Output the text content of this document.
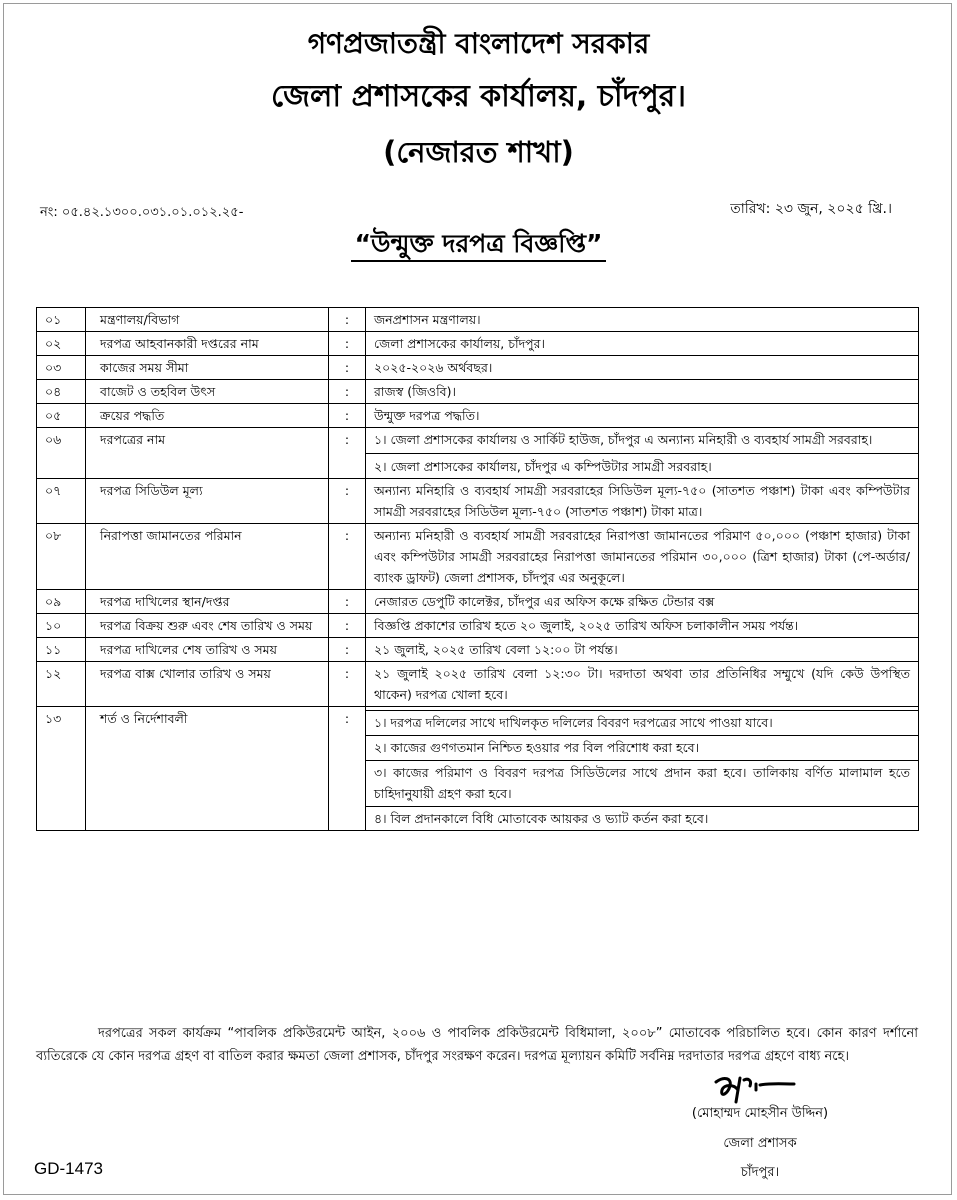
গণপ্রজাতন্ত্রী বাংলাদেশ সরকার
জেলা প্রশাসকের কার্যালয়, চাঁদপুর।
(নেজারত শাখা)
নং: ০৫.৪২.১৩০০.০৩১.০১.০১২.২৫-	তারিখ: ২৩ জুন, ২০২৫ খ্রি.।
“উন্মুক্ত দরপত্র বিজ্ঞপ্তি”
০১	মন্ত্রণালয়/বিভাগ	:	জনপ্রশাসন মন্ত্রণালয়।
০২	দরপত্র আহবানকারী দপ্তরের নাম	:	জেলা প্রশাসকের কার্যালয়, চাঁদপুর।
০৩	কাজের সময় সীমা	:	২০২৫-২০২৬ অর্থবছর।
০৪	বাজেট ও তহবিল উৎস	:	রাজস্ব (জিওবি)।
০৫	ক্রয়ের পদ্ধতি	:	উন্মুক্ত দরপত্র পদ্ধতি।
০৬	দরপত্রের নাম	:	১। জেলা প্রশাসকের কার্যালয় ও সার্কিট হাউজ, চাঁদপুর এ অন্যান্য মনিহারী ও ব্যবহার্য সামগ্রী সরবরাহ।
২। জেলা প্রশাসকের কার্যালয়, চাঁদপুর এ কম্পিউটার সামগ্রী সরবরাহ।

০৭	দরপত্র সিডিউল মূল্য	:	অন্যান্য মনিহারি ও ব্যবহার্য সামগ্রী সরবরাহের সিডিউল মূল্য-৭৫০ (সাতশত পঞ্চাশ) টাকা এবং কম্পিউটার সামগ্রী সরবরাহের সিডিউল মূল্য-৭৫০ (সাতশত পঞ্চাশ) টাকা মাত্র।
০৮	নিরাপত্তা জামানতের পরিমান	:	অন্যান্য মনিহারী ও ব্যবহার্য সামগ্রী সরবরাহের নিরাপত্তা জামানতের পরিমাণ ৫০,০০০ (পঞ্চাশ হাজার) টাকা এবং কম্পিউটার সামগ্রী সরবরাহের নিরাপত্তা জামানতের পরিমান ৩০,০০০ (ত্রিশ হাজার) টাকা (পে-অর্ডার/ ব্যাংক ড্রাফট) জেলা প্রশাসক, চাঁদপুর এর অনুকূলে।
০৯	দরপত্র দাখিলের স্থান/দপ্তর	:	নেজারত ডেপুটি কালেক্টর, চাঁদপুর এর অফিস কক্ষে রক্ষিত টেন্ডার বক্স
১০	দরপত্র বিক্রয় শুরু এবং শেষ তারিখ ও সময়	:	বিজ্ঞপ্তি প্রকাশের তারিখ হতে ২০ জুলাই, ২০২৫ তারিখ অফিস চলাকালীন সময় পর্যন্ত।
১১	দরপত্র দাখিলের শেষ তারিখ ও সময়	:	২১ জুলাই, ২০২৫ তারিখ বেলা ১২:০০ টা পর্যন্ত।
১২	দরপত্র বাক্স খোলার তারিখ ও সময়	:	২১ জুলাই ২০২৫ তারিখ বেলা ১২:৩০ টা। দরদাতা অথবা তার প্রতিনিধির সম্মুখে (যদি কেউ উপস্থিত থাকেন) দরপত্র খোলা হবে।
১৩	শর্ত ও নির্দেশাবলী	:	১। দরপত্র দলিলের সাথে দাখিলকৃত দলিলের বিবরণ দরপত্রের সাথে পাওয়া যাবে।
২। কাজের গুণগতমান নিশ্চিত হওয়ার পর বিল পরিশোধ করা হবে।
৩। কাজের পরিমাণ ও বিবরণ দরপত্র সিডিউলের সাথে প্রদান করা হবে। তালিকায় বর্ণিত মালামাল হতে চাহিদানুযায়ী গ্রহণ করা হবে।
৪। বিল প্রদানকালে বিধি মোতাবেক আয়কর ও ভ্যাট কর্তন করা হবে।
দরপত্রের সকল কার্যক্রম “পাবলিক প্রকিউরমেন্ট আইন, ২০০৬ ও পাবলিক প্রকিউরমেন্ট বিধিমালা, ২০০৮” মোতাবেক পরিচালিত হবে। কোন কারণ দর্শানো ব্যতিরেকে যে কোন দরপত্র গ্রহণ বা বাতিল করার ক্ষমতা জেলা প্রশাসক, চাঁদপুর সংরক্ষণ করেন। দরপত্র মূল্যায়ন কমিটি সর্বনিম্ন দরদাতার দরপত্র গ্রহণে বাধ্য নহে।
(মোহাম্মদ মোহসীন উদ্দিন)
জেলা প্রশাসক
চাঁদপুর।
GD-1473
